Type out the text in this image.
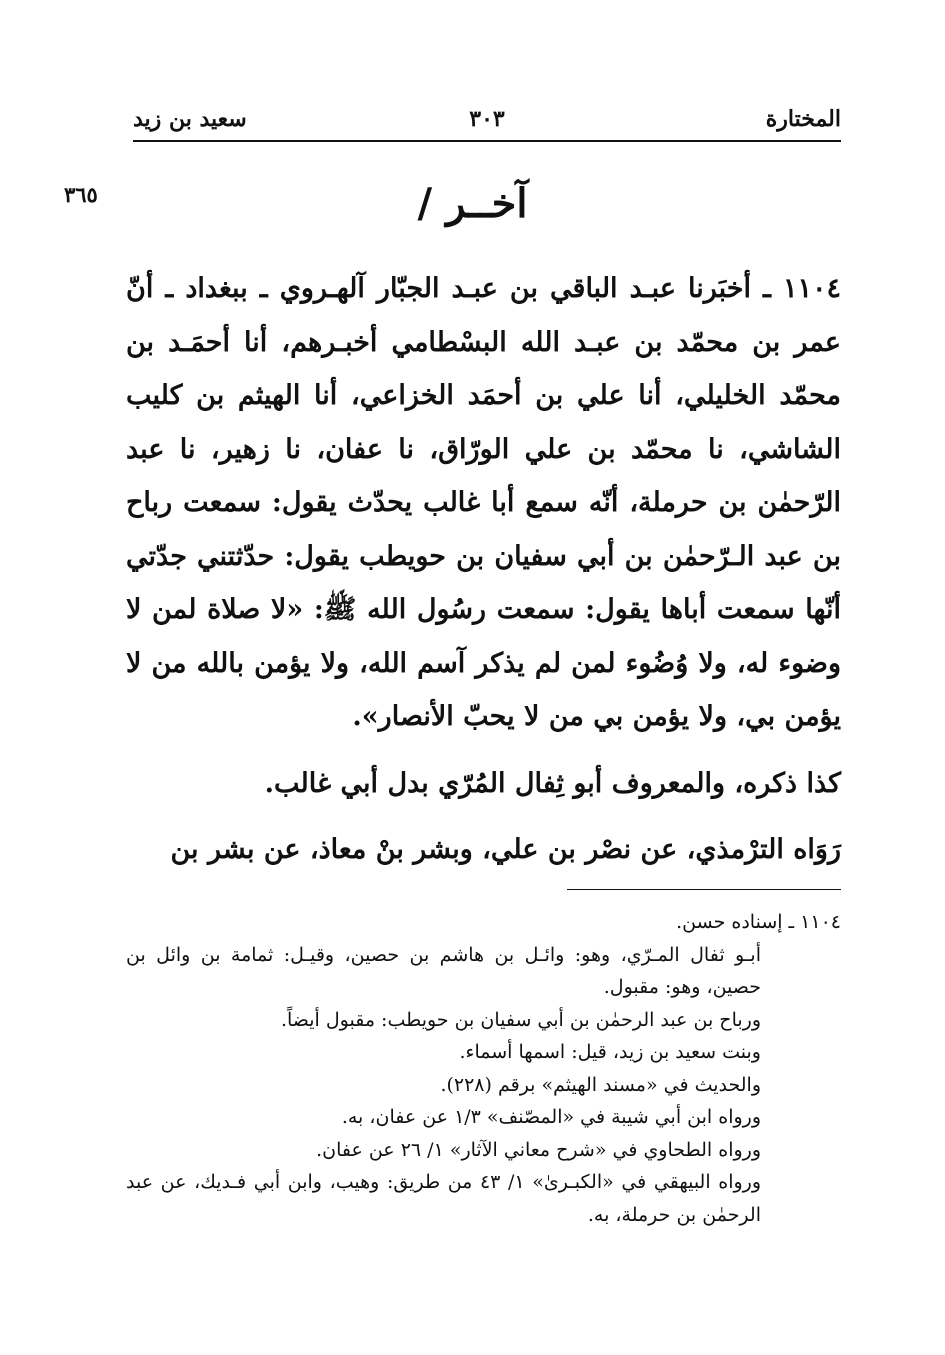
سعيد بن زيد	٣٠٣	المختارة
٣٦٥	/ آخــر

١١٠٤ ـ أخبَرنا عبـد الباقي بن عبـد الجبّار آلهـروي ـ ببغداد ـ أنّ عمر بن محمّد بن عبـد الله البسْطامي أخبـرهم، أنا أحمَـد بن محمّد الخليلي، أنا علي بن أحمَد الخزاعي، أنا الهيثم بن كليب الشاشي، نا محمّد بن علي الورّاق، نا عفان، نا زهير، نا عبد الرّحمٰن بن حرملة، أنّه سمع أبا غالب يحدّث يقول: سمعت رباح بن عبد الـرّحمٰن بن أبي سفيان بن حويطب يقول: حدّثتني جدّتي أنّها سمعت أباها يقول: سمعت رسُول الله ﷺ: «لا صلاة لمن لا وضوء له، ولا وُضُوء لمن لم يذكر آسم الله، ولا يؤمن بالله من لا يؤمن بي، ولا يؤمن بي من لا يحبّ الأنصار».

كذا ذكره، والمعروف أبو ثِفال المُرّي بدل أبي غالب.

رَوَاه الترْمذي، عن نصْر بن علي، وبشر بنْ معاذ، عن بشر بن

١١٠٤ ـ إسناده حسن.

أبـو ثفال المـرّي، وهو: وائـل بن هاشم بن حصين، وقيـل: ثمامة بن وائل بن حصين، وهو: مقبول.

ورباح بن عبد الرحمٰن بن أبي سفيان بن حويطب: مقبول أيضاً.

وبنت سعيد بن زيد، قيل: اسمها أسماء.

والحديث في «مسند الهيثم» برقم (٢٢٨).

ورواه ابن أبي شيبة في «المصّنف» ١/٣ عن عفان، به.

ورواه الطحاوي في «شرح معاني الآثار» ١/ ٢٦ عن عفان.

ورواه البيهقي في «الكبـرىٰ» ١/ ٤٣ من طريق: وهيب، وابن أبي فـديك، عن عبد الرحمٰن بن حرملة، به.
